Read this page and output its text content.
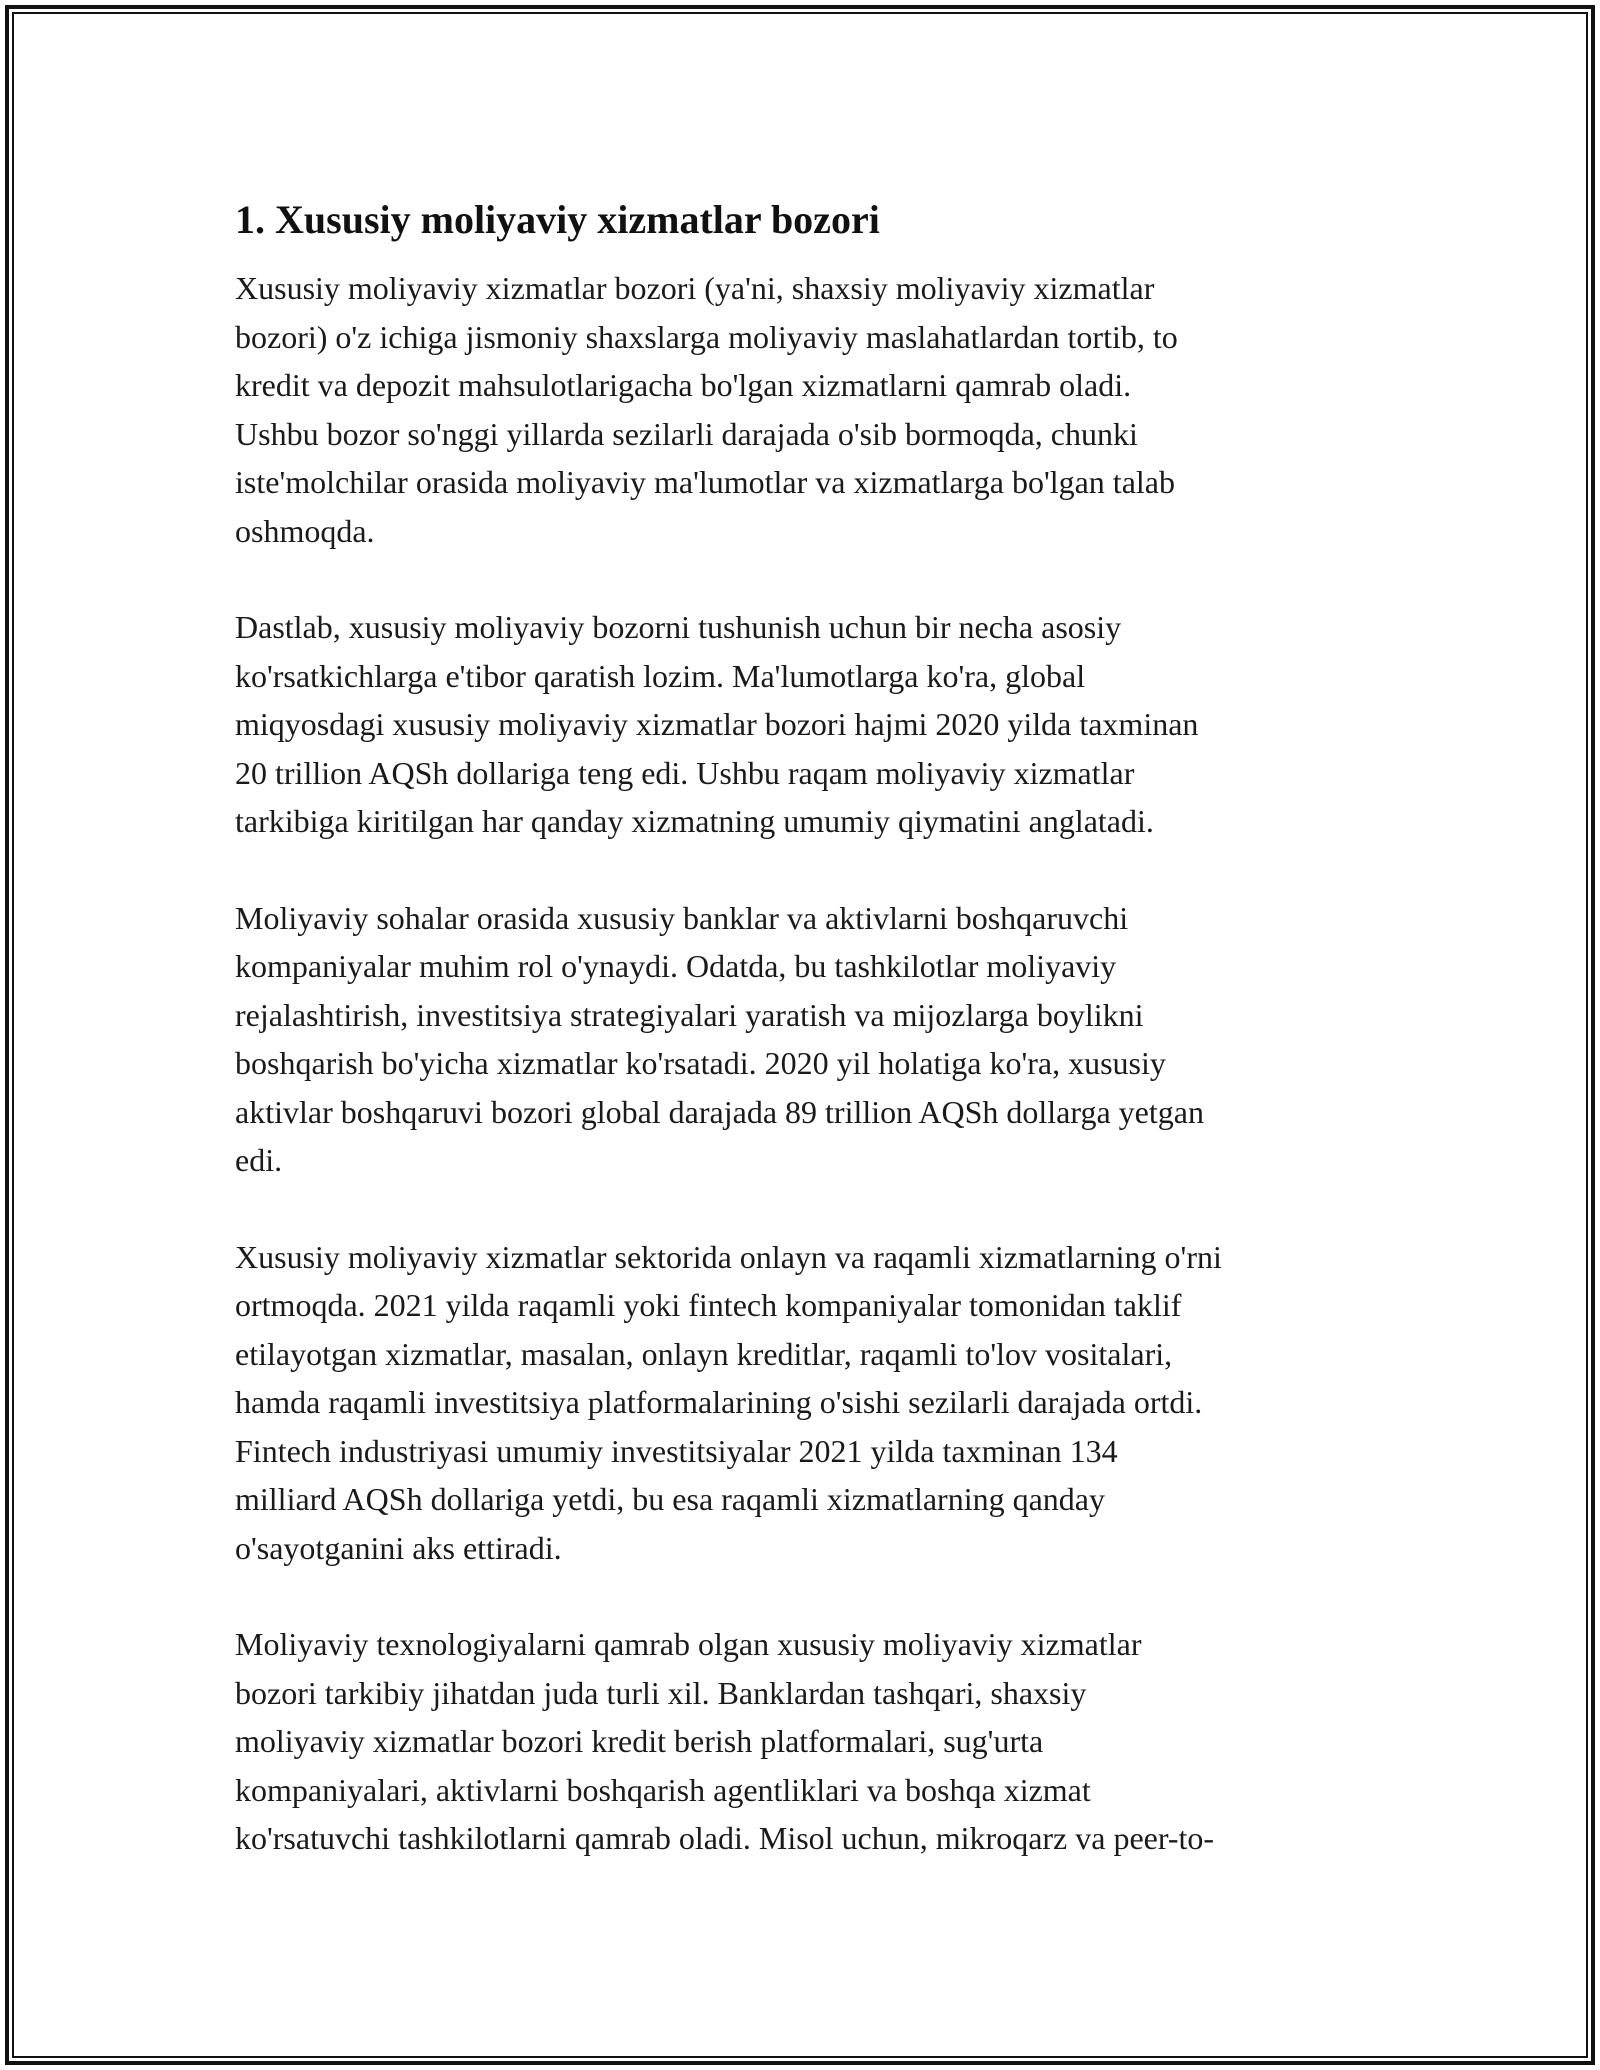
1. Xususiy moliyaviy xizmatlar bozori

Xususiy moliyaviy xizmatlar bozori (ya'ni, shaxsiy moliyaviy xizmatlar
bozori) o'z ichiga jismoniy shaxslarga moliyaviy maslahatlardan tortib, to
kredit va depozit mahsulotlarigacha bo'lgan xizmatlarni qamrab oladi.
Ushbu bozor so'nggi yillarda sezilarli darajada o'sib bormoqda, chunki
iste'molchilar orasida moliyaviy ma'lumotlar va xizmatlarga bo'lgan talab
oshmoqda.

Dastlab, xususiy moliyaviy bozorni tushunish uchun bir necha asosiy
ko'rsatkichlarga e'tibor qaratish lozim. Ma'lumotlarga ko'ra, global
miqyosdagi xususiy moliyaviy xizmatlar bozori hajmi 2020 yilda taxminan
20 trillion AQSh dollariga teng edi. Ushbu raqam moliyaviy xizmatlar
tarkibiga kiritilgan har qanday xizmatning umumiy qiymatini anglatadi.

Moliyaviy sohalar orasida xususiy banklar va aktivlarni boshqaruvchi
kompaniyalar muhim rol o'ynaydi. Odatda, bu tashkilotlar moliyaviy
rejalashtirish, investitsiya strategiyalari yaratish va mijozlarga boylikni
boshqarish bo'yicha xizmatlar ko'rsatadi. 2020 yil holatiga ko'ra, xususiy
aktivlar boshqaruvi bozori global darajada 89 trillion AQSh dollarga yetgan
edi.

Xususiy moliyaviy xizmatlar sektorida onlayn va raqamli xizmatlarning o'rni
ortmoqda. 2021 yilda raqamli yoki fintech kompaniyalar tomonidan taklif
etilayotgan xizmatlar, masalan, onlayn kreditlar, raqamli to'lov vositalari,
hamda raqamli investitsiya platformalarining o'sishi sezilarli darajada ortdi.
Fintech industriyasi umumiy investitsiyalar 2021 yilda taxminan 134
milliard AQSh dollariga yetdi, bu esa raqamli xizmatlarning qanday
o'sayotganini aks ettiradi.

Moliyaviy texnologiyalarni qamrab olgan xususiy moliyaviy xizmatlar
bozori tarkibiy jihatdan juda turli xil. Banklardan tashqari, shaxsiy
moliyaviy xizmatlar bozori kredit berish platformalari, sug'urta
kompaniyalari, aktivlarni boshqarish agentliklari va boshqa xizmat
ko'rsatuvchi tashkilotlarni qamrab oladi. Misol uchun, mikroqarz va peer-to-
